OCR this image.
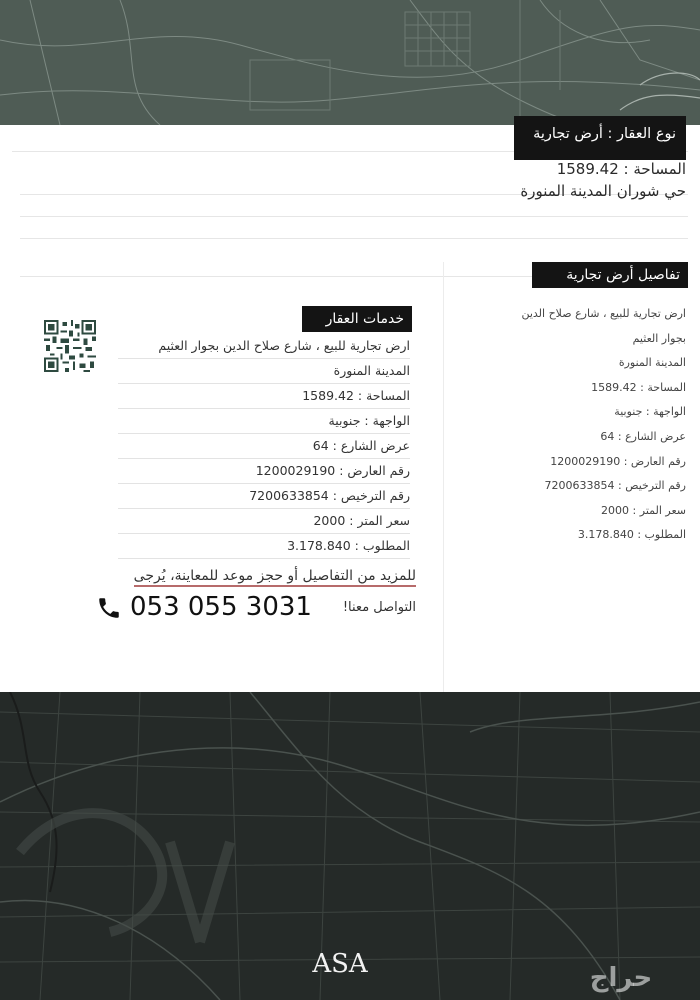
نوع العقار : أرض تجارية
المساحة : 1589.42
حي شوران المدينة المنورة
تفاصيل أرض تجارية
ارض تجارية للبيع ، شارع صلاح الدين
بجوار العثيم
المدينة المنورة
المساحة : 1589.42
الواجهة : جنوبية
عرض الشارع : 64
رقم العارض : 1200029190
رقم الترخيص : 7200633854
سعر المتر : 2000
المطلوب : 3.178.840
خدمات العقار
ارض تجارية للبيع ، شارع صلاح الدين بجوار العثيم
المدينة المنورة
المساحة : 1589.42
الواجهة : جنوبية
عرض الشارع : 64
رقم العارض : 1200029190
رقم الترخيص : 7200633854
سعر المتر : 2000
المطلوب : 3.178.840
للمزيد من التفاصيل أو حجز موعد للمعاينة، يُرجى
التواصل معنا!
053 055 3031
ASA	حراج
